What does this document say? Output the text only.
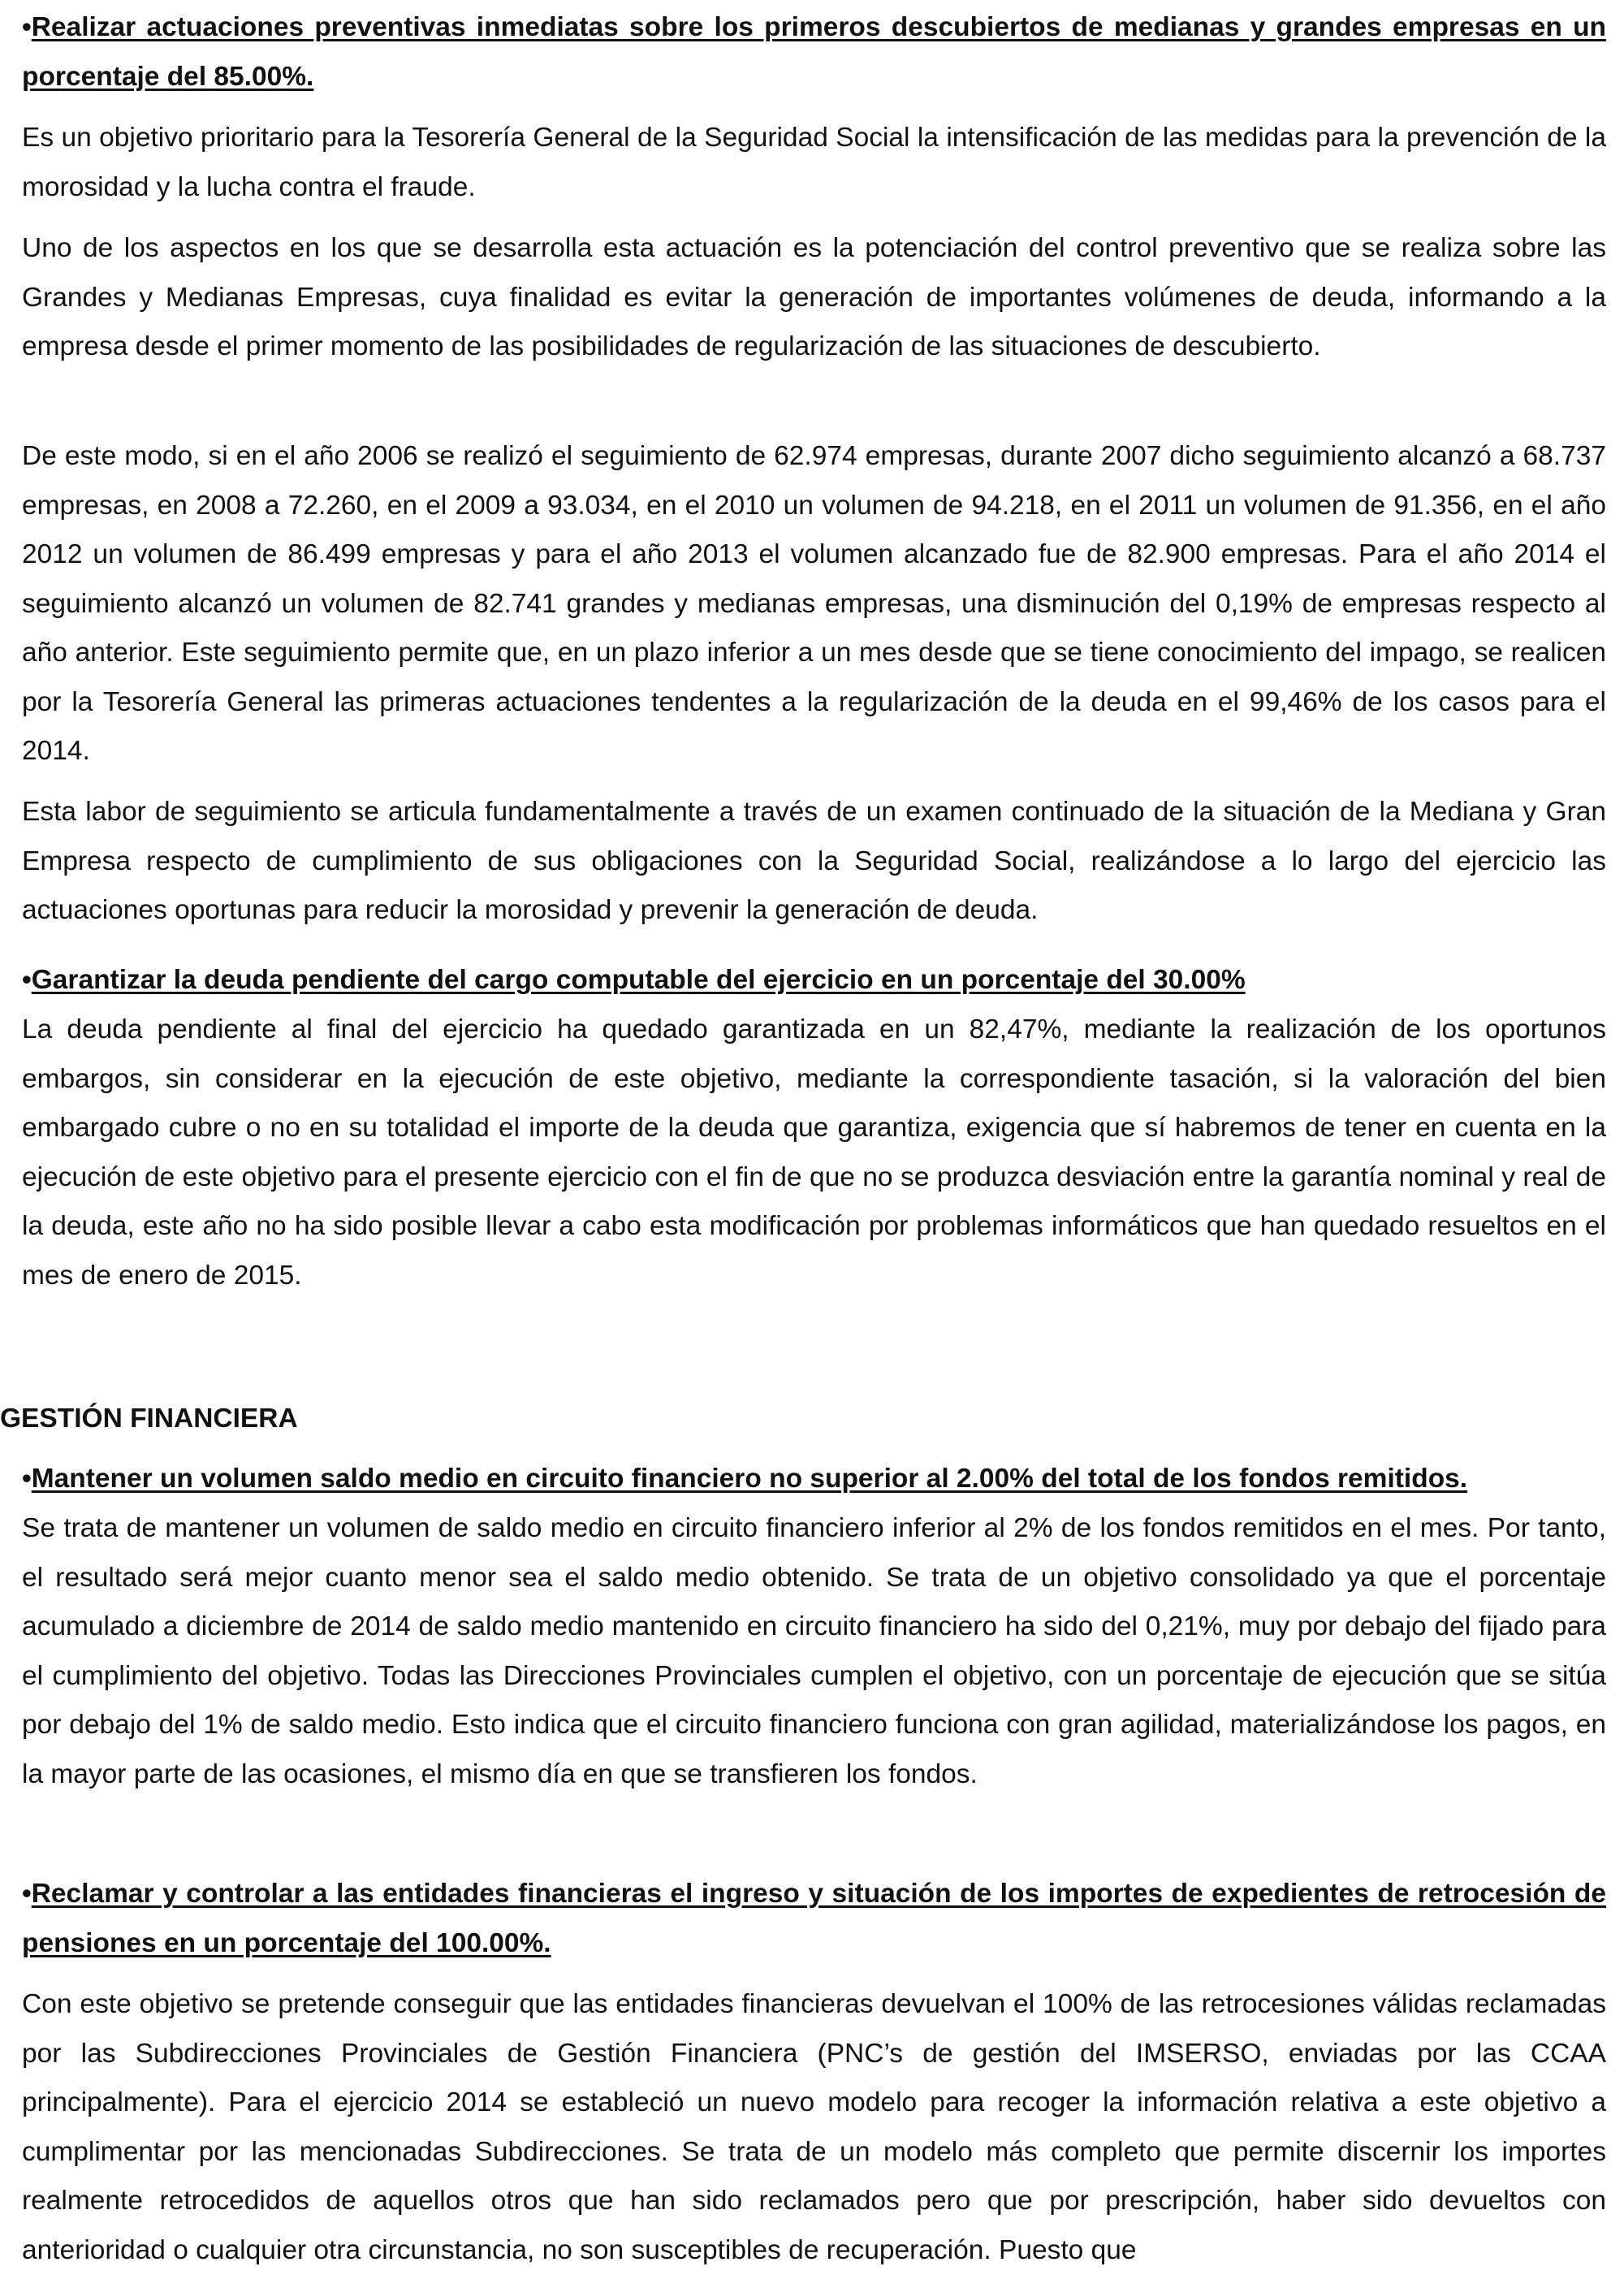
•Realizar actuaciones preventivas inmediatas sobre los primeros descubiertos de medianas y grandes empresas en un porcentaje del 85.00%.

Es un objetivo prioritario para la Tesorería General de la Seguridad Social la intensificación de las medidas para la prevención de la morosidad y la lucha contra el fraude.

Uno de los aspectos en los que se desarrolla esta actuación es la potenciación del control preventivo que se realiza sobre las Grandes y Medianas Empresas, cuya finalidad es evitar la generación de importantes volúmenes de deuda, informando a la empresa desde el primer momento de las posibilidades de regularización de las situaciones de descubierto.

De este modo, si en el año 2006 se realizó el seguimiento de 62.974 empresas, durante 2007 dicho seguimiento alcanzó a 68.737 empresas, en 2008 a 72.260, en el 2009 a 93.034, en el 2010 un volumen de 94.218, en el 2011 un volumen de 91.356, en el año 2012 un volumen de 86.499 empresas y para el año 2013 el volumen alcanzado fue de 82.900 empresas. Para el año 2014 el seguimiento alcanzó un volumen de 82.741 grandes y medianas empresas, una disminución del 0,19% de empresas respecto al año anterior. Este seguimiento permite que, en un plazo inferior a un mes desde que se tiene conocimiento del impago, se realicen por la Tesorería General las primeras actuaciones tendentes a la regularización de la deuda en el 99,46% de los casos para el 2014.

Esta labor de seguimiento se articula fundamentalmente a través de un examen continuado de la situación de la Mediana y Gran Empresa respecto de cumplimiento de sus obligaciones con la Seguridad Social, realizándose a lo largo del ejercicio las actuaciones oportunas para reducir la morosidad y prevenir la generación de deuda.

•Garantizar la deuda pendiente del cargo computable del ejercicio en un porcentaje del 30.00%

La deuda pendiente al final del ejercicio ha quedado garantizada en un 82,47%, mediante la realización de los oportunos embargos, sin considerar en la ejecución de este objetivo, mediante la correspondiente tasación, si la valoración del bien embargado cubre o no en su totalidad el importe de la deuda que garantiza, exigencia que sí habremos de tener en cuenta en la ejecución de este objetivo para el presente ejercicio con el fin de que no se produzca desviación entre la garantía nominal y real de la deuda, este año no ha sido posible llevar a cabo esta modificación por problemas informáticos que han quedado resueltos en el mes de enero de 2015.

GESTIÓN FINANCIERA

•Mantener un volumen saldo medio en circuito financiero no superior al 2.00% del total de los fondos remitidos.

Se trata de mantener un volumen de saldo medio en circuito financiero inferior al 2% de los fondos remitidos en el mes. Por tanto, el resultado será mejor cuanto menor sea el saldo medio obtenido. Se trata de un objetivo consolidado ya que el porcentaje acumulado a diciembre de 2014 de saldo medio mantenido en circuito financiero ha sido del 0,21%, muy por debajo del fijado para el cumplimiento del objetivo. Todas las Direcciones Provinciales cumplen el objetivo, con un porcentaje de ejecución que se sitúa por debajo del 1% de saldo medio. Esto indica que el circuito financiero funciona con gran agilidad, materializándose los pagos, en la mayor parte de las ocasiones, el mismo día en que se transfieren los fondos.

•Reclamar y controlar a las entidades financieras el ingreso y situación de los importes de expedientes de retrocesión de pensiones en un porcentaje del 100.00%.

Con este objetivo se pretende conseguir que las entidades financieras devuelvan el 100% de las retrocesiones válidas reclamadas por las Subdirecciones Provinciales de Gestión Financiera (PNC’s de gestión del IMSERSO, enviadas por las CCAA principalmente). Para el ejercicio 2014 se estableció un nuevo modelo para recoger la información relativa a este objetivo a cumplimentar por las mencionadas Subdirecciones. Se trata de un modelo más completo que permite discernir los importes realmente retrocedidos de aquellos otros que han sido reclamados pero que por prescripción, haber sido devueltos con anterioridad o cualquier otra circunstancia, no son susceptibles de recuperación. Puesto que
